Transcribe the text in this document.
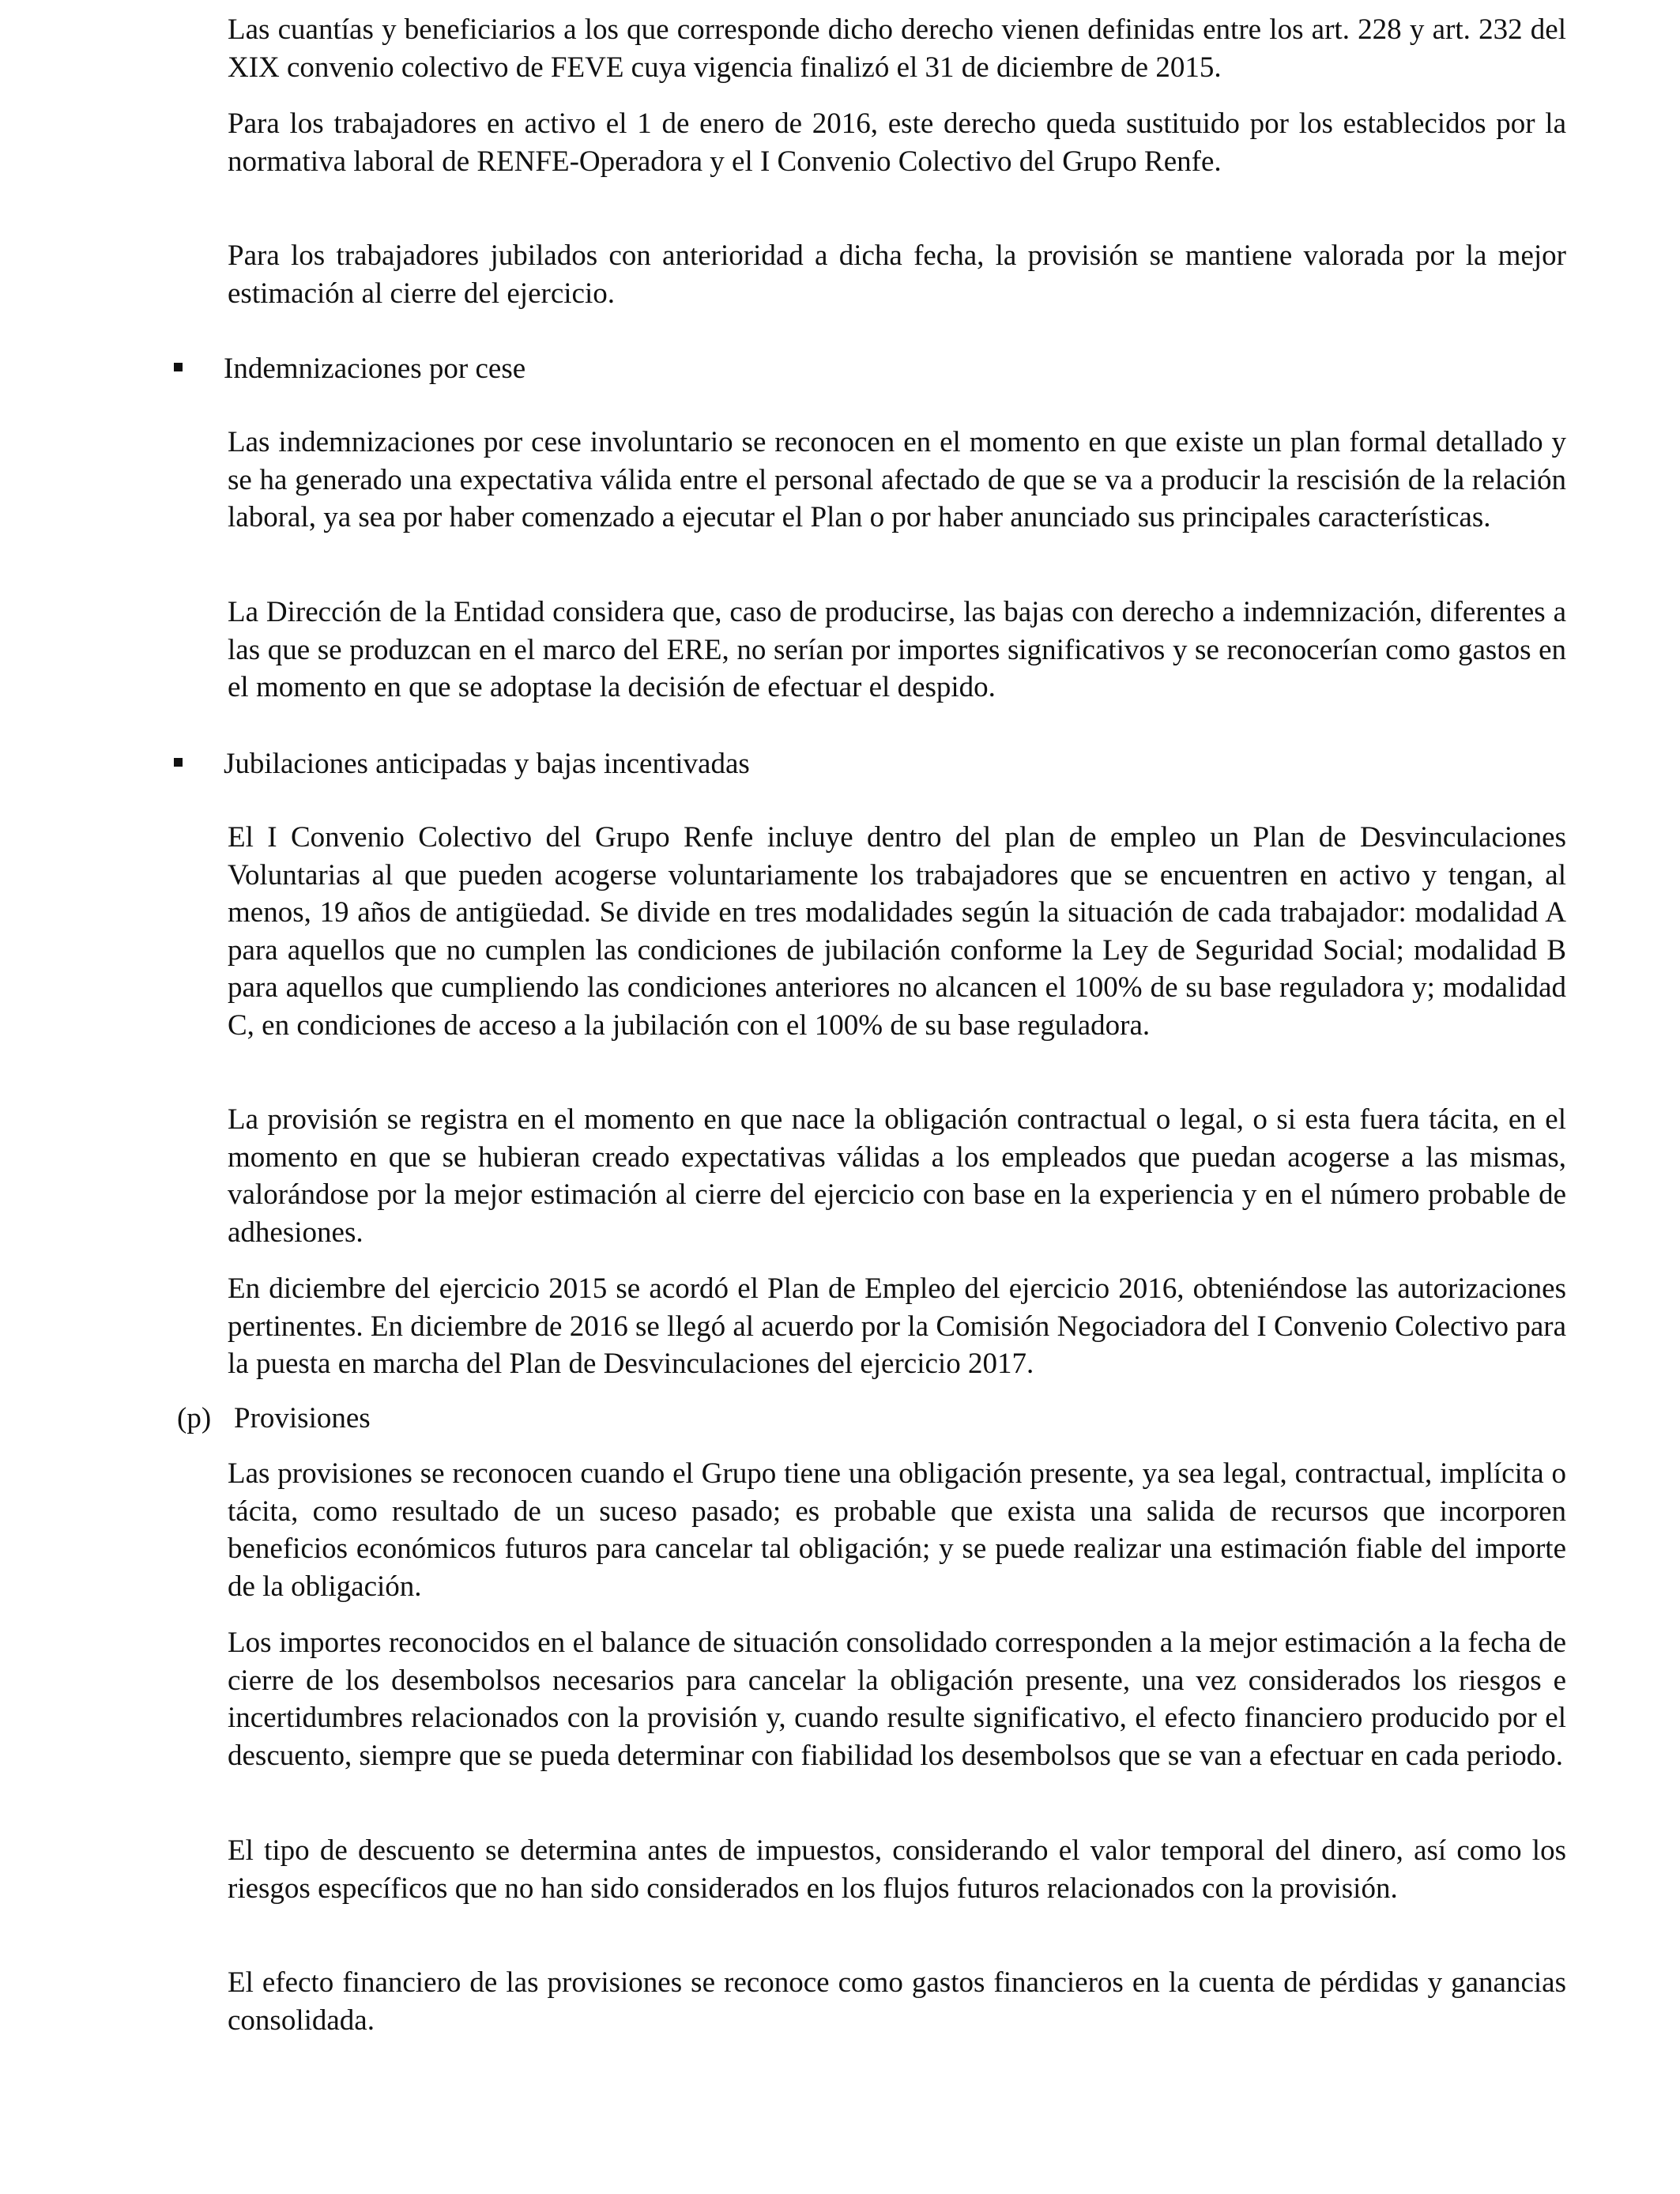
Las cuantías y beneficiarios a los que corresponde dicho derecho vienen definidas entre los art. 228 y art. 232 del XIX convenio colectivo de FEVE cuya vigencia finalizó el 31 de diciembre de 2015.

Para los trabajadores en activo el 1 de enero de 2016, este derecho queda sustituido por los establecidos por la normativa laboral de RENFE-Operadora y el I Convenio Colectivo del Grupo Renfe.

Para los trabajadores jubilados con anterioridad a dicha fecha, la provisión se mantiene valorada por la mejor estimación al cierre del ejercicio.

Indemnizaciones por cese

Las indemnizaciones por cese involuntario se reconocen en el momento en que existe un plan formal detallado y se ha generado una expectativa válida entre el personal afectado de que se va a producir la rescisión de la relación laboral, ya sea por haber comenzado a ejecutar el Plan o por haber anunciado sus principales características.

La Dirección de la Entidad considera que, caso de producirse, las bajas con derecho a indemnización, diferentes a las que se produzcan en el marco del ERE, no serían por importes significativos y se reconocerían como gastos en el momento en que se adoptase la decisión de efectuar el despido.

Jubilaciones anticipadas y bajas incentivadas

El I Convenio Colectivo del Grupo Renfe incluye dentro del plan de empleo un Plan de Desvinculaciones Voluntarias al que pueden acogerse voluntariamente los trabajadores que se encuentren en activo y tengan, al menos, 19 años de antigüedad. Se divide en tres modalidades según la situación de cada trabajador: modalidad A para aquellos que no cumplen las condiciones de jubilación conforme la Ley de Seguridad Social; modalidad B para aquellos que cumpliendo las condiciones anteriores no alcancen el 100% de su base reguladora y; modalidad C, en condiciones de acceso a la jubilación con el 100% de su base reguladora.

La provisión se registra en el momento en que nace la obligación contractual o legal, o si esta fuera tácita, en el momento en que se hubieran creado expectativas válidas a los empleados que puedan acogerse a las mismas, valorándose por la mejor estimación al cierre del ejercicio con base en la experiencia y en el número probable de adhesiones.

En diciembre del ejercicio 2015 se acordó el Plan de Empleo del ejercicio 2016, obteniéndose las autorizaciones pertinentes. En diciembre de 2016 se llegó al acuerdo por la Comisión Negociadora del I Convenio Colectivo para la puesta en marcha del Plan de Desvinculaciones del ejercicio 2017.

(p) Provisiones

Las provisiones se reconocen cuando el Grupo tiene una obligación presente, ya sea legal, contractual, implícita o tácita, como resultado de un suceso pasado; es probable que exista una salida de recursos que incorporen beneficios económicos futuros para cancelar tal obligación; y se puede realizar una estimación fiable del importe de la obligación.

Los importes reconocidos en el balance de situación consolidado corresponden a la mejor estimación a la fecha de cierre de los desembolsos necesarios para cancelar la obligación presente, una vez considerados los riesgos e incertidumbres relacionados con la provisión y, cuando resulte significativo, el efecto financiero producido por el descuento, siempre que se pueda determinar con fiabilidad los desembolsos que se van a efectuar en cada periodo.

El tipo de descuento se determina antes de impuestos, considerando el valor temporal del dinero, así como los riesgos específicos que no han sido considerados en los flujos futuros relacionados con la provisión.

El efecto financiero de las provisiones se reconoce como gastos financieros en la cuenta de pérdidas y ganancias consolidada.
